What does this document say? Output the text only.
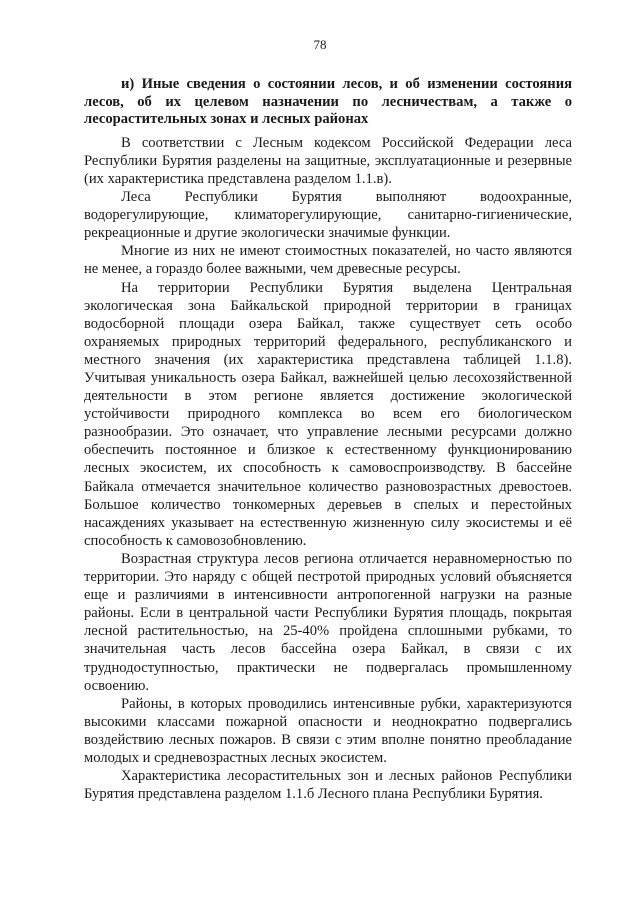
78

и) Иные сведения о состоянии лесов, и об изменении состояния лесов, об их целевом назначении по лесничествам, а также о лесорастительных зонах и лесных районах

В соответствии с Лесным кодексом Российской Федерации леса Республики Бурятия разделены на защитные, эксплуатационные и резервные (их характеристика представлена разделом 1.1.в).

Леса Республики Бурятия выполняют водоохранные, водорегулирующие, климаторегулирующие, санитарно-гигиенические, рекреационные и другие экологически значимые функции.

Многие из них не имеют стоимостных показателей, но часто являются не менее, а гораздо более важными, чем древесные ресурсы.

На территории Республики Бурятия выделена Центральная экологическая зона Байкальской природной территории в границах водосборной площади озера Байкал, также существует сеть особо охраняемых природных территорий федерального, республиканского и местного значения (их характеристика представлена таблицей 1.1.8). Учитывая уникальность озера Байкал, важнейшей целью лесохозяйственной деятельности в этом регионе является достижение экологической устойчивости природного комплекса во всем его биологическом разнообразии. Это означает, что управление лесными ресурсами должно обеспечить постоянное и близкое к естественному функционированию лесных экосистем, их способность к самовоспроизводству. В бассейне Байкала отмечается значительное количество разновозрастных древостоев. Большое количество тонкомерных деревьев в спелых и перестойных насаждениях указывает на естественную жизненную силу экосистемы и её способность к самовозобновлению.

Возрастная структура лесов региона отличается неравномерностью по территории. Это наряду с общей пестротой природных условий объясняется еще и различиями в интенсивности антропогенной нагрузки на разные районы. Если в центральной части Республики Бурятия площадь, покрытая лесной растительностью, на 25-40% пройдена сплошными рубками, то значительная часть лесов бассейна озера Байкал, в связи с их труднодоступностью, практически не подвергалась промышленному освоению.

Районы, в которых проводились интенсивные рубки, характеризуются высокими классами пожарной опасности и неоднократно подвергались воздействию лесных пожаров. В связи с этим вполне понятно преобладание молодых и средневозрастных лесных экосистем.

Характеристика лесорастительных зон и лесных районов Республики Бурятия представлена разделом 1.1.б Лесного плана Республики Бурятия.
